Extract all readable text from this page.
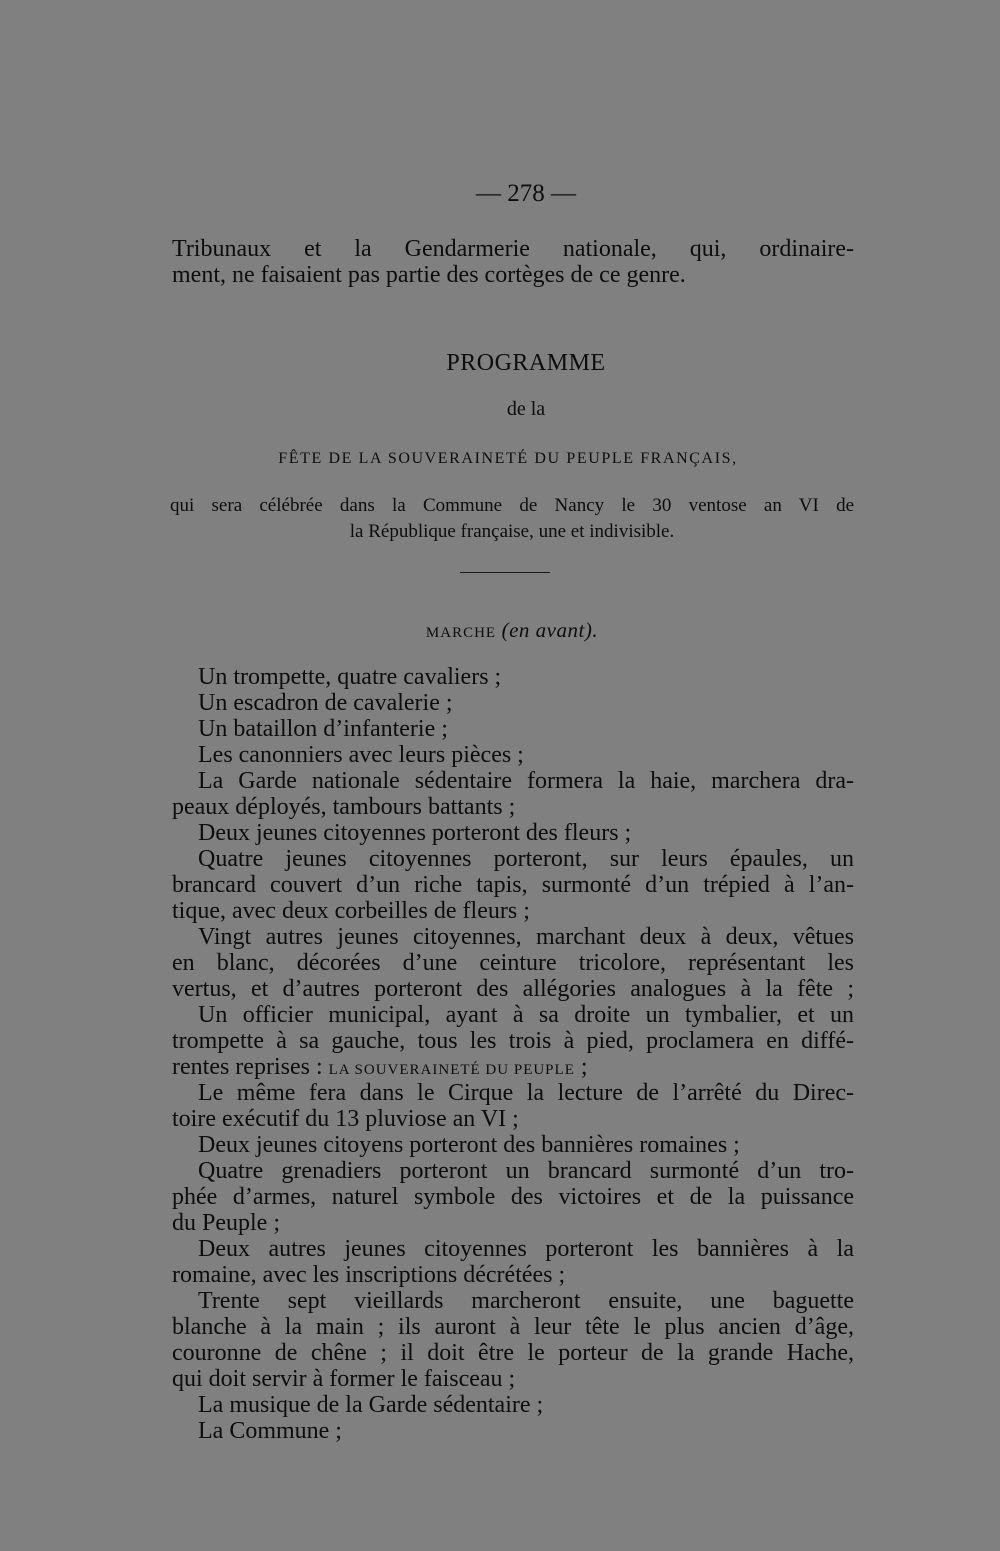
— 278 —
Tribunaux et la Gendarmerie nationale, qui, ordinaire-
ment, ne faisaient pas partie des cortèges de ce genre.
PROGRAMME
de la
FÊTE DE LA SOUVERAINETÉ DU PEUPLE FRANÇAIS,
qui sera célébrée dans la Commune de Nancy le 30 ventose an VI de
la République française, une et indivisible.
MARCHE (en avant).
Un trompette, quatre cavaliers ;
Un escadron de cavalerie ;
Un bataillon d’infanterie ;
Les canonniers avec leurs pièces ;
La Garde nationale sédentaire formera la haie, marchera dra-
peaux déployés, tambours battants ;
Deux jeunes citoyennes porteront des fleurs ;
Quatre jeunes citoyennes porteront, sur leurs épaules, un
brancard couvert d’un riche tapis, surmonté d’un trépied à l’an-
tique, avec deux corbeilles de fleurs ;
Vingt autres jeunes citoyennes, marchant deux à deux, vêtues
en blanc, décorées d’une ceinture tricolore, représentant les
vertus, et d’autres porteront des allégories analogues à la fête ;
Un officier municipal, ayant à sa droite un tymbalier, et un
trompette à sa gauche, tous les trois à pied, proclamera en diffé-
rentes reprises : LA SOUVERAINETÉ DU PEUPLE ;
Le même fera dans le Cirque la lecture de l’arrêté du Direc-
toire exécutif du 13 pluviose an VI ;
Deux jeunes citoyens porteront des bannières romaines ;
Quatre grenadiers porteront un brancard surmonté d’un tro-
phée d’armes, naturel symbole des victoires et de la puissance
du Peuple ;
Deux autres jeunes citoyennes porteront les bannières à la
romaine, avec les inscriptions décrétées ;
Trente sept vieillards marcheront ensuite, une baguette
blanche à la main ; ils auront à leur tête le plus ancien d’âge,
couronne de chêne ; il doit être le porteur de la grande Hache,
qui doit servir à former le faisceau ;
La musique de la Garde sédentaire ;
La Commune ;
